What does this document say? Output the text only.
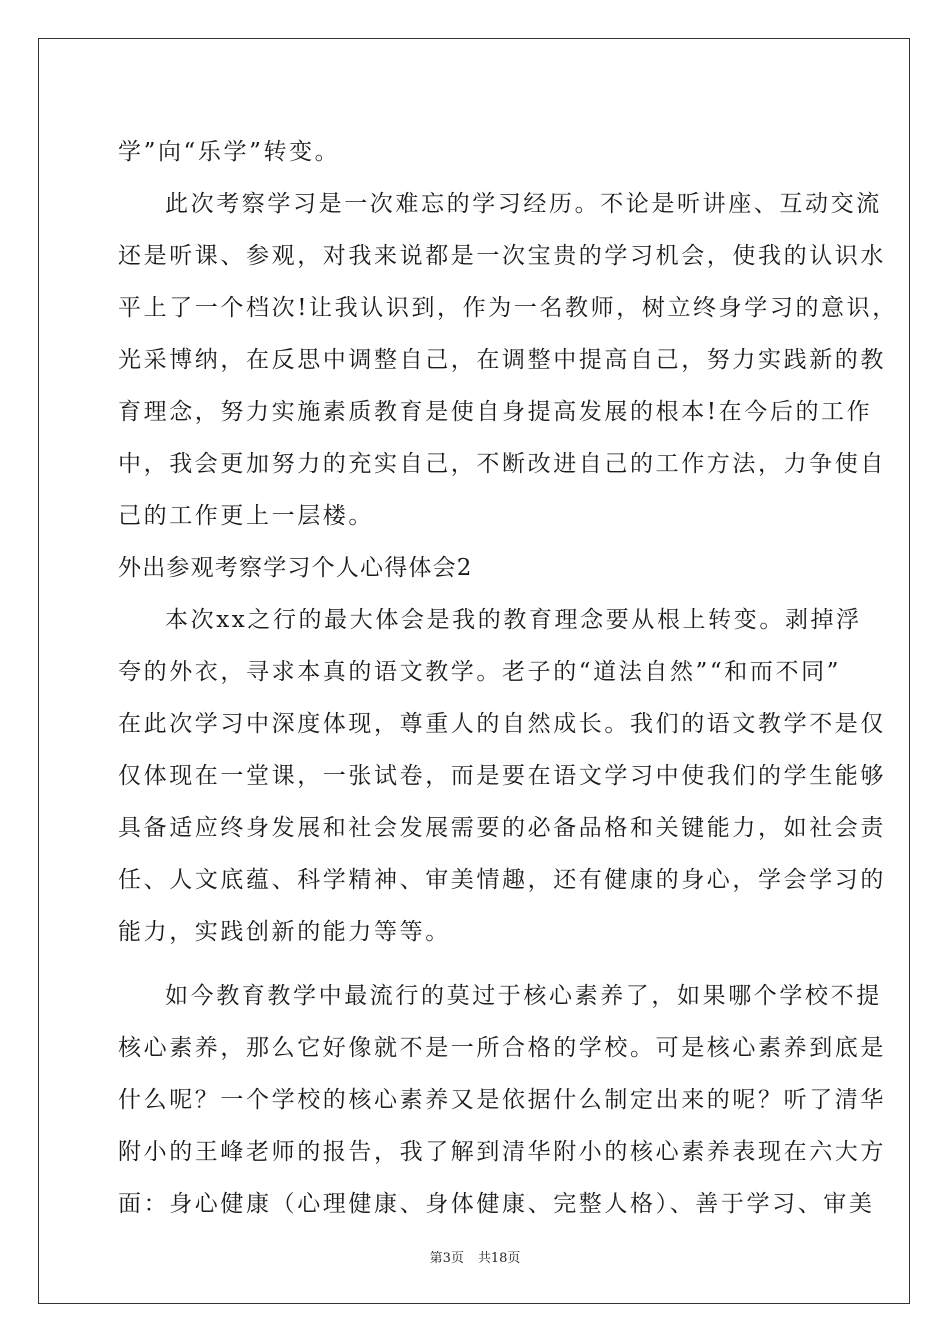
学”向“乐学”转变。
此次考察学习是一次难忘的学习经历。不论是听讲座、互动交流
还是听课、参观，对我来说都是一次宝贵的学习机会，使我的认识水
平上了一个档次!让我认识到，作为一名教师，树立终身学习的意识，
光采博纳，在反思中调整自己，在调整中提高自己，努力实践新的教
育理念，努力实施素质教育是使自身提高发展的根本!在今后的工作
中，我会更加努力的充实自己，不断改进自己的工作方法，力争使自
己的工作更上一层楼。
外出参观考察学习个人心得体会2
本次xx之行的最大体会是我的教育理念要从根上转变。剥掉浮
夸的外衣，寻求本真的语文教学。老子的“道法自然”“和而不同”
在此次学习中深度体现，尊重人的自然成长。我们的语文教学不是仅
仅体现在一堂课，一张试卷，而是要在语文学习中使我们的学生能够
具备适应终身发展和社会发展需要的必备品格和关键能力，如社会责
任、人文底蕴、科学精神、审美情趣，还有健康的身心，学会学习的
能力，实践创新的能力等等。
如今教育教学中最流行的莫过于核心素养了，如果哪个学校不提
核心素养，那么它好像就不是一所合格的学校。可是核心素养到底是
什么呢？一个学校的核心素养又是依据什么制定出来的呢？听了清华
附小的王峰老师的报告，我了解到清华附小的核心素养表现在六大方
面：身心健康（心理健康、身体健康、完整人格）、善于学习、审美
第3页 共18页
